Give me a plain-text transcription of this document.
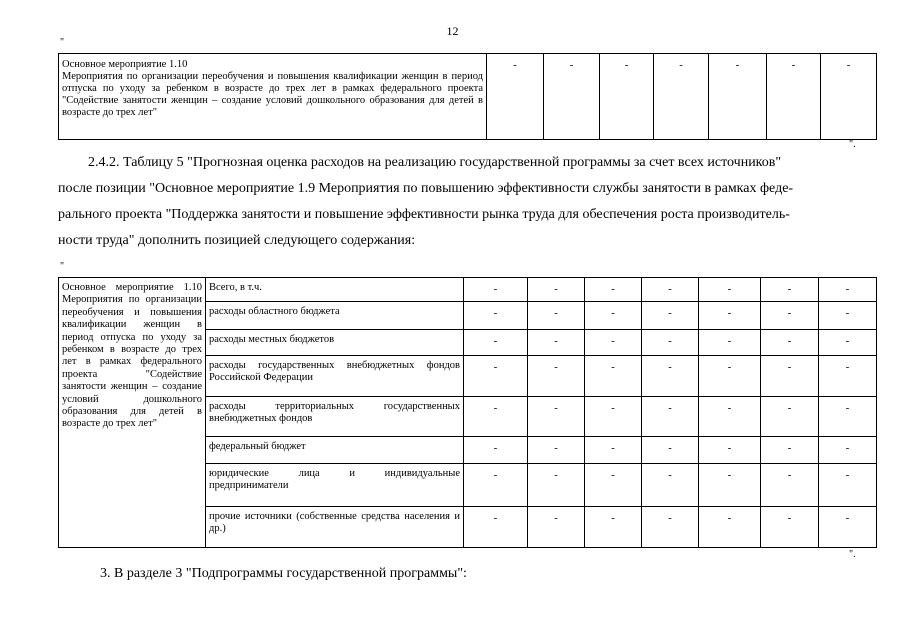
12
"
Основное мероприятие 1.10
Мероприятия по организации переобучения и повышения квалификации женщин в период отпуска по уходу за ребенком в возрасте до трех лет в рамках федерального проекта "Содействие занятости женщин – создание условий дошкольного образования для детей в возрасте до трех лет"
	-	-	-	-	-	-	-
".

2.4.2. Таблицу 5 "Прогнозная оценка расходов на реализацию государственной программы за счет всех источников"

после позиции "Основное мероприятие 1.9 Мероприятия по повышению эффективности службы занятости в рамках феде-

рального проекта "Поддержка занятости и повышение эффективности рынка труда для обеспечения роста производитель-

ности труда" дополнить позицией следующего содержания:

"
Основное мероприятие 1.10 Мероприятия по организации переобучения и повышения квалификации женщин в период отпуска по уходу за ребенком в возрасте до трех лет в рамках федерального проекта "Содействие занятости женщин – создание условий дошкольного образования для детей в возрасте до трех лет"	Всего, в т.ч.	-	-	-	-	-	-	-
	расходы областного бюджета	-	-	-	-	-	-	-
	расходы местных бюджетов	-	-	-	-	-	-	-
	расходы государственных внебюджетных фондов Российской Федерации	-	-	-	-	-	-	-
	расходы территориальных государственных внебюджетных фондов	-	-	-	-	-	-	-
	федеральный бюджет	-	-	-	-	-	-	-
	юридические лица и индивидуальные предприниматели	-	-	-	-	-	-	-
	прочие источники (собственные средства населения и др.)	-	-	-	-	-	-	-
".
3. В разделе 3 "Подпрограммы государственной программы":
